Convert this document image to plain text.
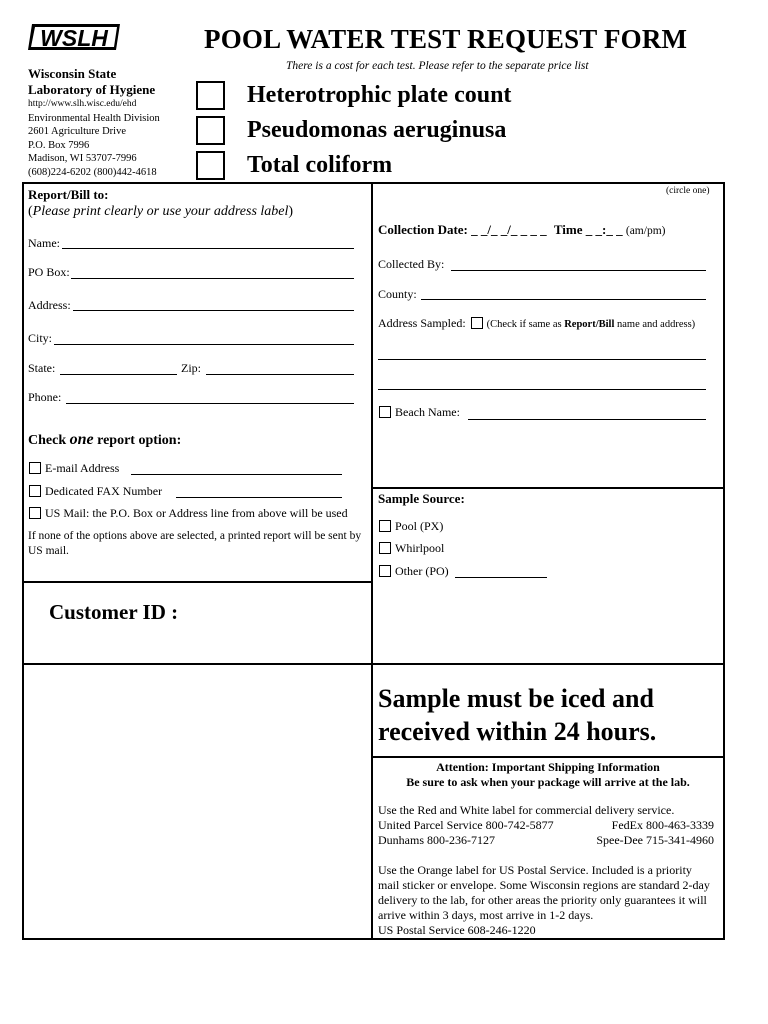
WSLH	POOL WATER TEST REQUEST FORM
There is a cost for each test. Please refer to the separate price list
Wisconsin State
Laboratory of Hygiene
http://www.slh.wisc.edu/ehd
Environmental Health Division
2601 Agriculture Drive
P.O. Box 7996
Madison, WI 53707-7996
(608)224-6202 (800)442-4618
Heterotrophic plate count
Pseudomonas aeruginusa
Total coliform
Report/Bill to:
(Please print clearly or use your address label)
Name:
PO Box:
Address:
City:
State:	Zip:
Phone:
Check one report option:
E-mail Address
Dedicated FAX Number
US Mail: the P.O. Box or Address line from above will be used
If none of the options above are selected, a printed report will be sent by US mail.
Customer ID :
(circle one)
Collection Date: _ _/_ _/_ _ _ _ Time _ _:_ _ (am/pm)
Collected By:
County:
Address Sampled: (Check if same as Report/Bill name and address)
Beach Name:
Sample Source:
Pool (PX)
Whirlpool
Other (PO)
Sample must be iced and received within 24 hours.
Attention: Important Shipping Information
Be sure to ask when your package will arrive at the lab.
Use the Red and White label for commercial delivery service.
United Parcel Service 800-742-5877	FedEx 800-463-3339
Dunhams 800-236-7127	Spee-Dee 715-341-4960
Use the Orange label for US Postal Service. Included is a priority mail sticker or envelope. Some Wisconsin regions are standard 2-day delivery to the lab, for other areas the priority only guarantees it will arrive within 3 days, most arrive in 1-2 days.
US Postal Service 608-246-1220
